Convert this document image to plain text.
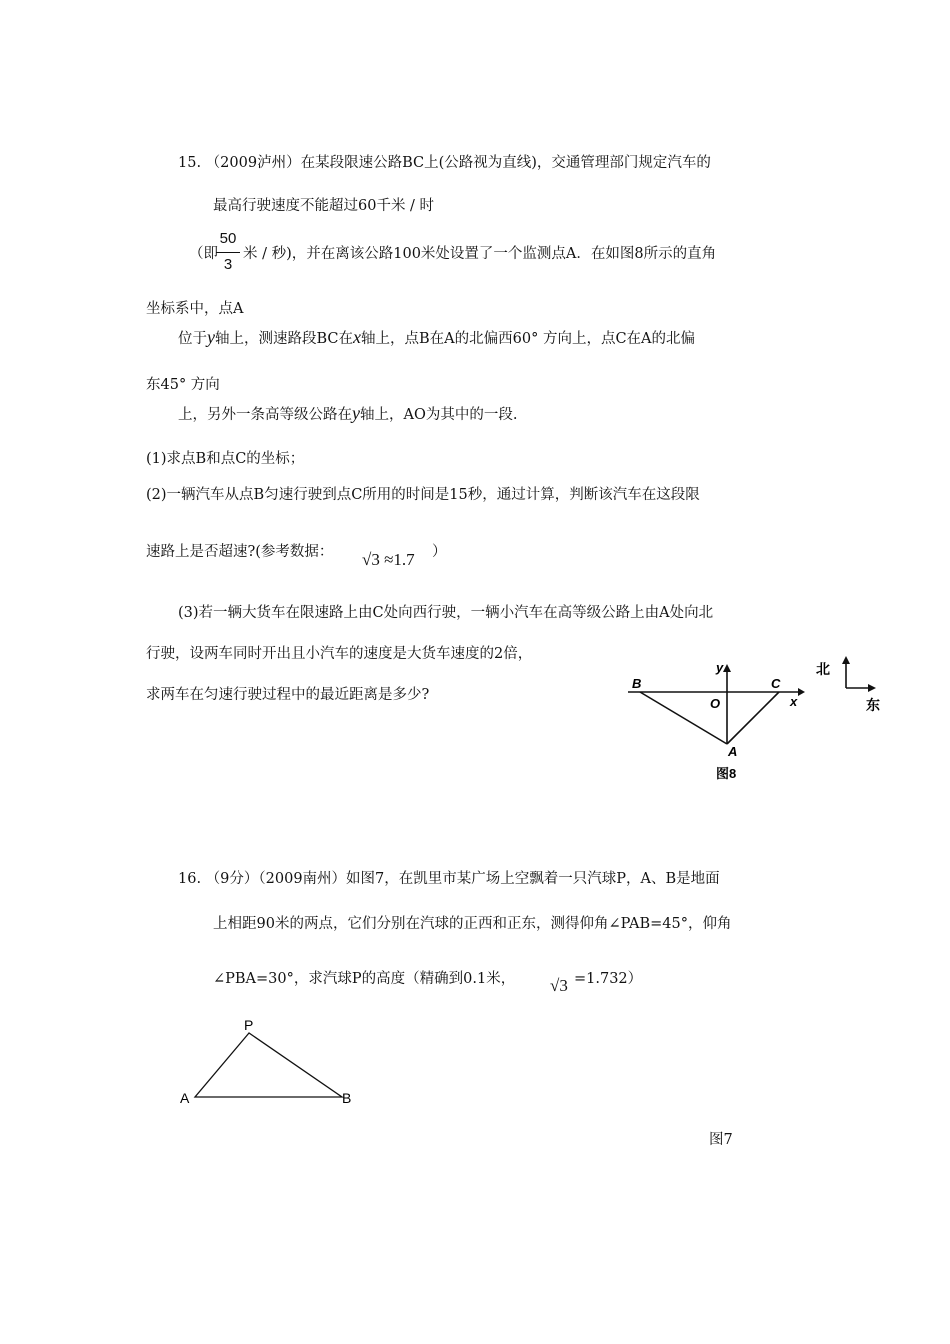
15. （2009泸州）在某段限速公路BC上(公路视为直线)，交通管理部门规定汽车的
最高行驶速度不能超过60千米 / 时
（即
50
3
米 / 秒)，并在离该公路100米处设置了一个监测点A．在如图8所示的直角
坐标系中，点A
位于y轴上，测速路段BC在x轴上，点B在A的北偏西60° 方向上，点C在A的北偏
东45° 方向
上，另外一条高等级公路在y轴上，AO为其中的一段.
(1)求点B和点C的坐标；
(2)一辆汽车从点B匀速行驶到点C所用的时间是15秒，通过计算，判断该汽车在这段限
速路上是否超速?(参考数据： √3 ≈1.7 ）
(3)若一辆大货车在限速路上由C处向西行驶，一辆小汽车在高等级公路上由A处向北
行驶，设两车同时开出且小汽车的速度是大货车速度的2倍，
求两车在匀速行驶过程中的最近距离是多少?
B
O
C
A
y
x
图8
北
东
16. （9分）（2009南州）如图7，在凯里市某广场上空飘着一只汽球P，A、B是地面
上相距90米的两点，它们分别在汽球的正西和正东，测得仰角∠PAB=45°，仰角
∠PBA=30°，求汽球P的高度（精确到0.1米， √3 =1.732）
P
A	B
图7
